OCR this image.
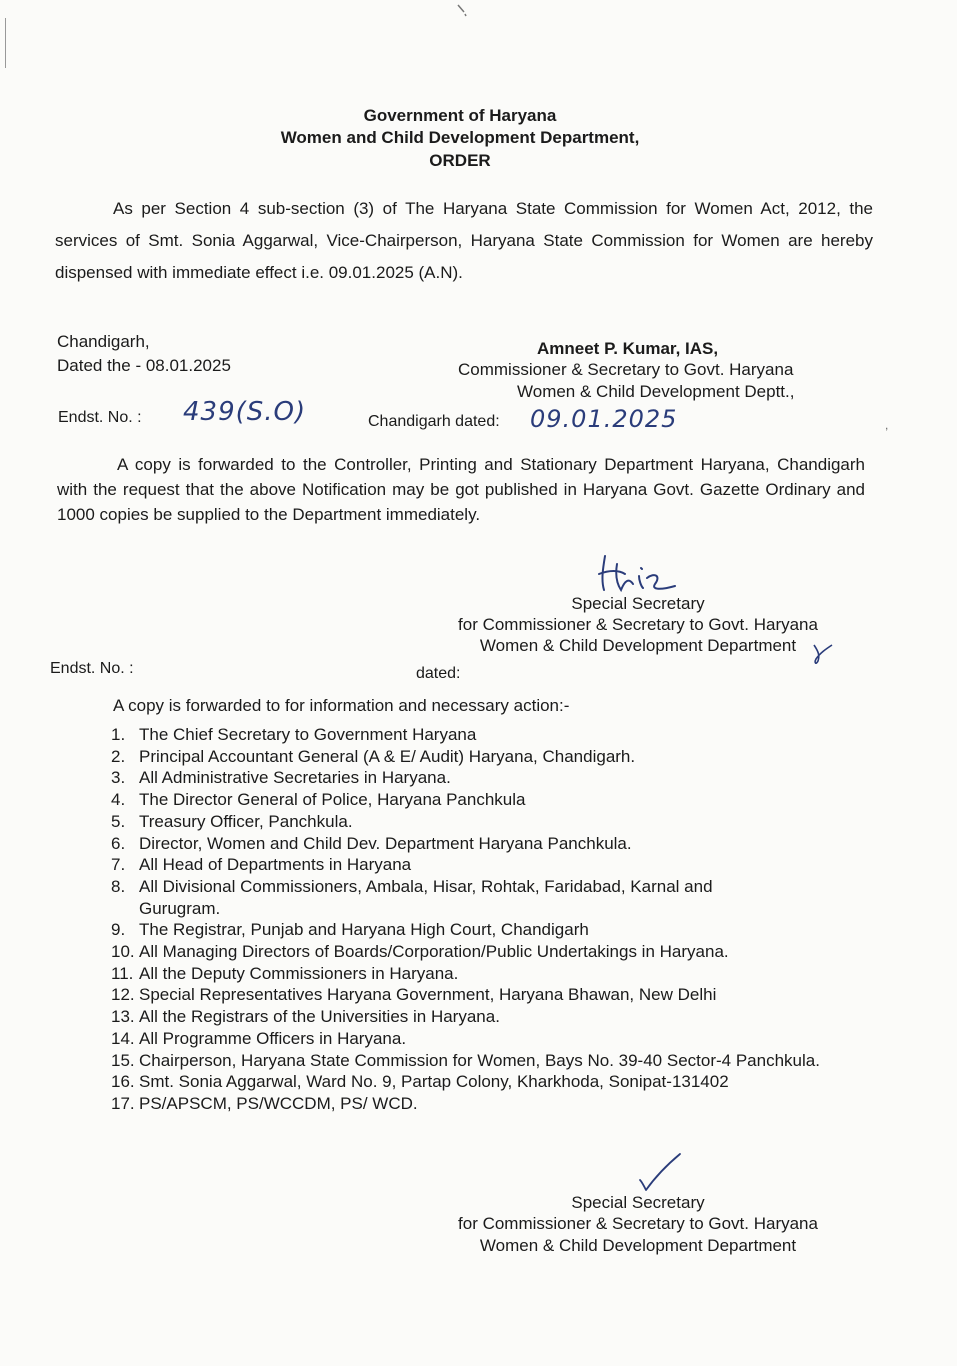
Government of Haryana
Women and Child Development Department,
ORDER
As per Section 4 sub-section (3) of The Haryana State Commission for Women Act, 2012, the services of Smt. Sonia Aggarwal, Vice-Chairperson, Haryana State Commission for Women are hereby dispensed with immediate effect i.e. 09.01.2025 (A.N).
Chandigarh,
Dated the - 08.01.2025
Amneet P. Kumar, IAS,
Commissioner & Secretary to Govt. Haryana
Women & Child Development Deptt.,
Endst. No. : 439(S.O)	Chandigarh dated: 09.01.2025	,
A copy is forwarded to the Controller, Printing and Stationary Department Haryana, Chandigarh with the request that the above Notification may be got published in Haryana Govt. Gazette Ordinary and 1000 copies be supplied to the Department immediately.
Special Secretary
for Commissioner & Secretary to Govt. Haryana
Women & Child Development Department
Endst. No. :	dated:
A copy is forwarded to for information and necessary action:-
1. The Chief Secretary to Government Haryana
2. Principal Accountant General (A & E/ Audit) Haryana, Chandigarh.
3. All Administrative Secretaries in Haryana.
4. The Director General of Police, Haryana Panchkula
5. Treasury Officer, Panchkula.
6. Director, Women and Child Dev. Department Haryana Panchkula.
7. All Head of Departments in Haryana
8. All Divisional Commissioners, Ambala, Hisar, Rohtak, Faridabad, Karnal and Gurugram.
9. The Registrar, Punjab and Haryana High Court, Chandigarh
10. All Managing Directors of Boards/Corporation/Public Undertakings in Haryana.
11. All the Deputy Commissioners in Haryana.
12. Special Representatives Haryana Government, Haryana Bhawan, New Delhi
13. All the Registrars of the Universities in Haryana.
14. All Programme Officers in Haryana.
15. Chairperson, Haryana State Commission for Women, Bays No. 39-40 Sector-4 Panchkula.
16. Smt. Sonia Aggarwal, Ward No. 9, Partap Colony, Kharkhoda, Sonipat-131402
17. PS/APSCM, PS/WCCDM, PS/ WCD.
Special Secretary
for Commissioner & Secretary to Govt. Haryana
Women & Child Development Department
